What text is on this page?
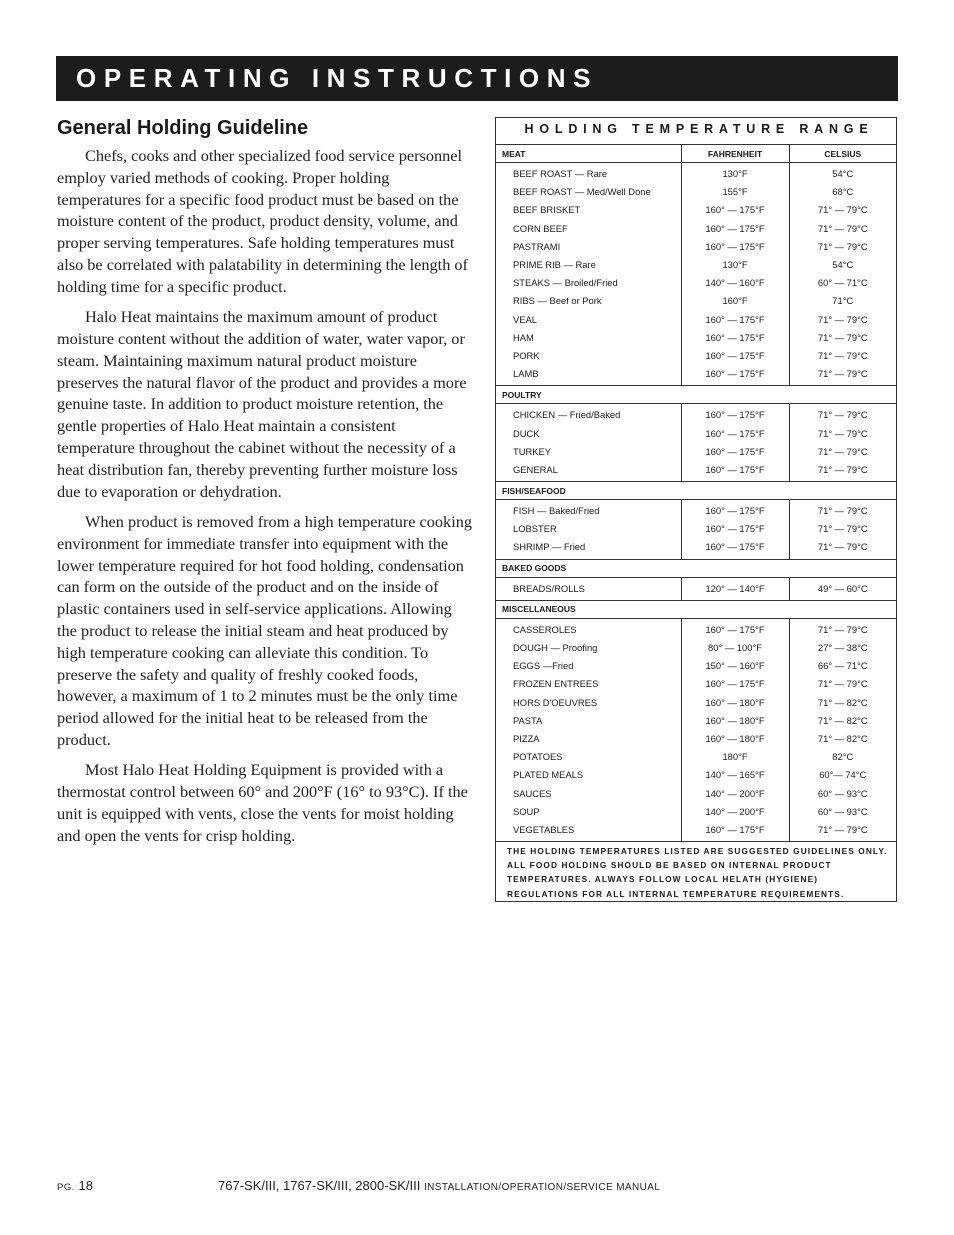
OPERATING INSTRUCTIONS
General Holding Guideline

Chefs, cooks and other specialized food service personnel employ varied methods of cooking. Proper holding temperatures for a specific food product must be based on the moisture content of the product, product density, volume, and proper serving temperatures. Safe holding temperatures must also be correlated with palatability in determining the length of holding time for a specific product.

Halo Heat maintains the maximum amount of product moisture content without the addition of water, water vapor, or steam. Maintaining maximum natural product moisture preserves the natural flavor of the product and provides a more genuine taste. In addition to product moisture retention, the gentle properties of Halo Heat maintain a consistent temperature throughout the cabinet without the necessity of a heat distribution fan, thereby preventing further moisture loss due to evaporation or dehydration.

When product is removed from a high temperature cooking environment for immediate transfer into equipment with the lower temperature required for hot food holding, condensation can form on the outside of the product and on the inside of plastic containers used in self-service applications. Allowing the product to release the initial steam and heat produced by high temperature cooking can alleviate this condition. To preserve the safety and quality of freshly cooked foods, however, a maximum of 1 to 2 minutes must be the only time period allowed for the initial heat to be released from the product.

Most Halo Heat Holding Equipment is provided with a thermostat control between 60° and 200°F (16° to 93°C). If the unit is equipped with vents, close the vents for moist holding and open the vents for crisp holding.

HOLDING TEMPERATURE RANGE
MEAT	FAHRENHEIT	CELSIUS
BEEF ROAST — Rare	130°F	54°C
BEEF ROAST — Med/Well Done	155°F	68°C
BEEF BRISKET	160° — 175°F	71° — 79°C
CORN BEEF	160° — 175°F	71° — 79°C
PASTRAMI	160° — 175°F	71° — 79°C
PRIME RIB — Rare	130°F	54°C
STEAKS — Broiled/Fried	140° — 160°F	60° — 71°C
RIBS — Beef or Pork	160°F	71°C
VEAL	160° — 175°F	71° — 79°C
HAM	160° — 175°F	71° — 79°C
PORK	160° — 175°F	71° — 79°C
LAMB	160° — 175°F	71° — 79°C
POULTRY		
CHICKEN — Fried/Baked	160° — 175°F	71° — 79°C
DUCK	160° — 175°F	71° — 79°C
TURKEY	160° — 175°F	71° — 79°C
GENERAL	160° — 175°F	71° — 79°C
FISH/SEAFOOD		
FISH — Baked/Fried	160° — 175°F	71° — 79°C
LOBSTER	160° — 175°F	71° — 79°C
SHRIMP — Fried	160° — 175°F	71° — 79°C
BAKED GOODS		
BREADS/ROLLS	120° — 140°F	49° — 60°C
MISCELLANEOUS		
CASSEROLES	160° — 175°F	71° — 79°C
DOUGH — Proofing	80° — 100°F	27° — 38°C
EGGS —Fried	150° — 160°F	66° — 71°C
FROZEN ENTREES	160° — 175°F	71° — 79°C
HORS D'OEUVRES	160° — 180°F	71° — 82°C
PASTA	160° — 180°F	71° — 82°C
PIZZA	160° — 180°F	71° — 82°C
POTATOES	180°F	82°C
PLATED MEALS	140° — 165°F	60°— 74°C
SAUCES	140° — 200°F	60° — 93°C
SOUP	140° — 200°F	60° — 93°C
VEGETABLES	160° — 175°F	71° — 79°C
THE HOLDING TEMPERATURES LISTED ARE SUGGESTED GUIDELINES ONLY. ALL FOOD HOLDING SHOULD BE BASED ON INTERNAL PRODUCT TEMPERATURES. ALWAYS FOLLOW LOCAL HELATH (HYGIENE) REGULATIONS FOR ALL INTERNAL TEMPERATURE REQUIREMENTS.
PG. 18	767-SK/III, 1767-SK/III, 2800-SK/III INSTALLATION/OPERATION/SERVICE MANUAL
